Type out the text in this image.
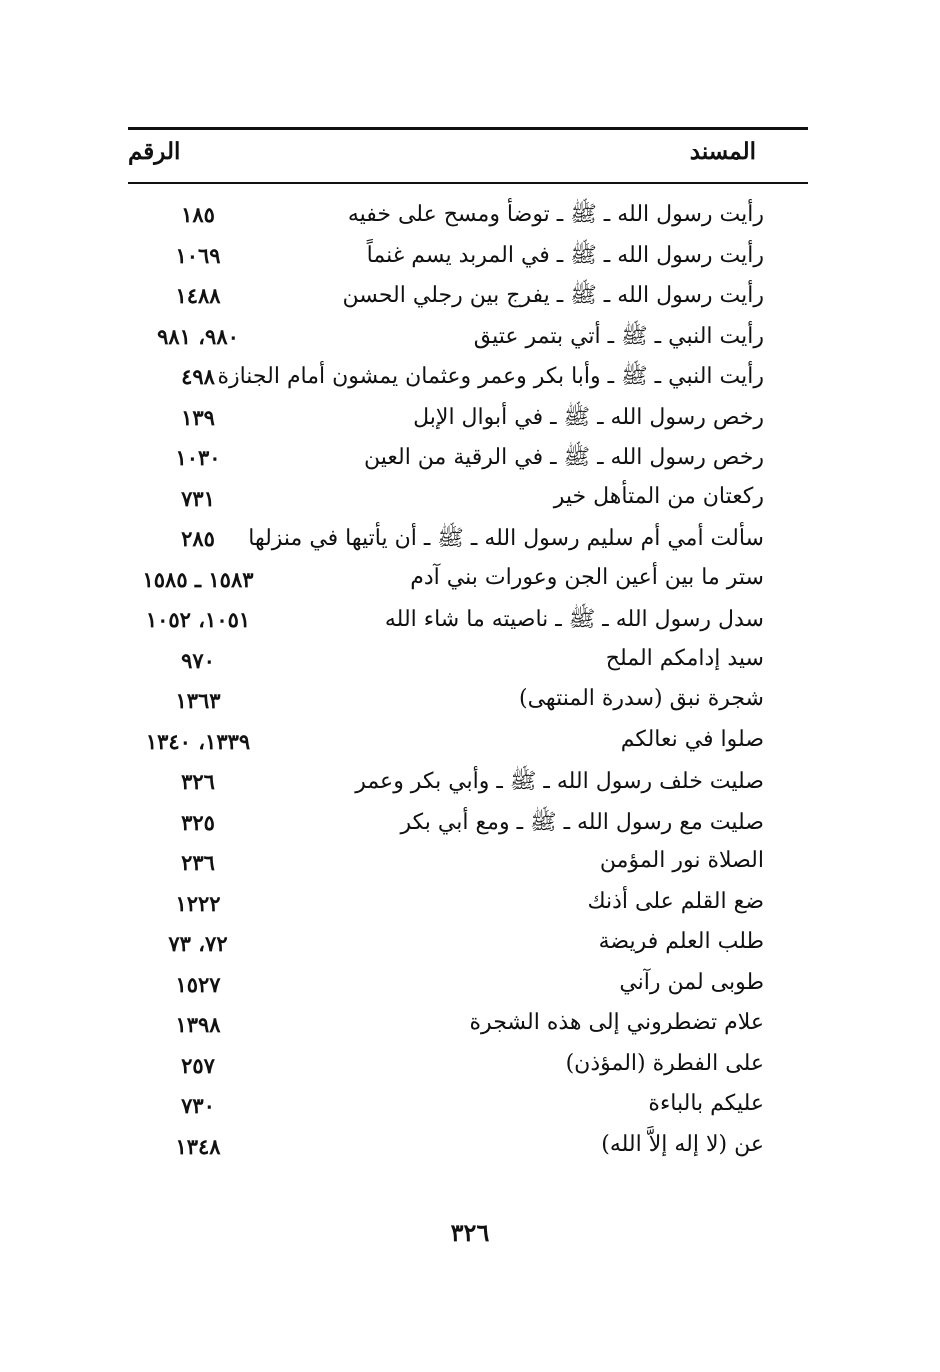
المسند
الرقم
رأيت رسول الله ـ ﷺ ـ توضأ ومسح على خفيه
١٨٥
رأيت رسول الله ـ ﷺ ـ في المربد يسم غنماً
١٠٦٩
رأيت رسول الله ـ ﷺ ـ يفرج بين رجلي الحسن
١٤٨٨
رأيت النبي ـ ﷺ ـ أتي بتمر عتيق
٩٨٠، ٩٨١
رأيت النبي ـ ﷺ ـ وأبا بكر وعمر وعثمان يمشون أمام الجنازة
٤٩٨
رخص رسول الله ـ ﷺ ـ في أبوال الإبل
١٣٩
رخص رسول الله ـ ﷺ ـ في الرقية من العين
١٠٣٠
ركعتان من المتأهل خير
٧٣١
سألت أمي أم سليم رسول الله ـ ﷺ ـ أن يأتيها في منزلها
٢٨٥
ستر ما بين أعين الجن وعورات بني آدم
١٥٨٣ ـ ١٥٨٥
سدل رسول الله ـ ﷺ ـ ناصيته ما شاء الله
١٠٥١، ١٠٥٢
سيد إدامكم الملح
٩٧٠
شجرة نبق (سدرة المنتهى)
١٣٦٣
صلوا في نعالكم
١٣٣٩، ١٣٤٠
صليت خلف رسول الله ـ ﷺ ـ وأبي بكر وعمر
٣٢٦
صليت مع رسول الله ـ ﷺ ـ ومع أبي بكر
٣٢٥
الصلاة نور المؤمن
٢٣٦
ضع القلم على أذنك
١٢٢٢
طلب العلم فريضة
٧٢، ٧٣
طوبى لمن رآني
١٥٢٧
علام تضطروني إلى هذه الشجرة
١٣٩٨
على الفطرة (المؤذن)
٢٥٧
عليكم بالباءة
٧٣٠
عن (لا إله إلاَّ الله)
١٣٤٨
٣٢٦
